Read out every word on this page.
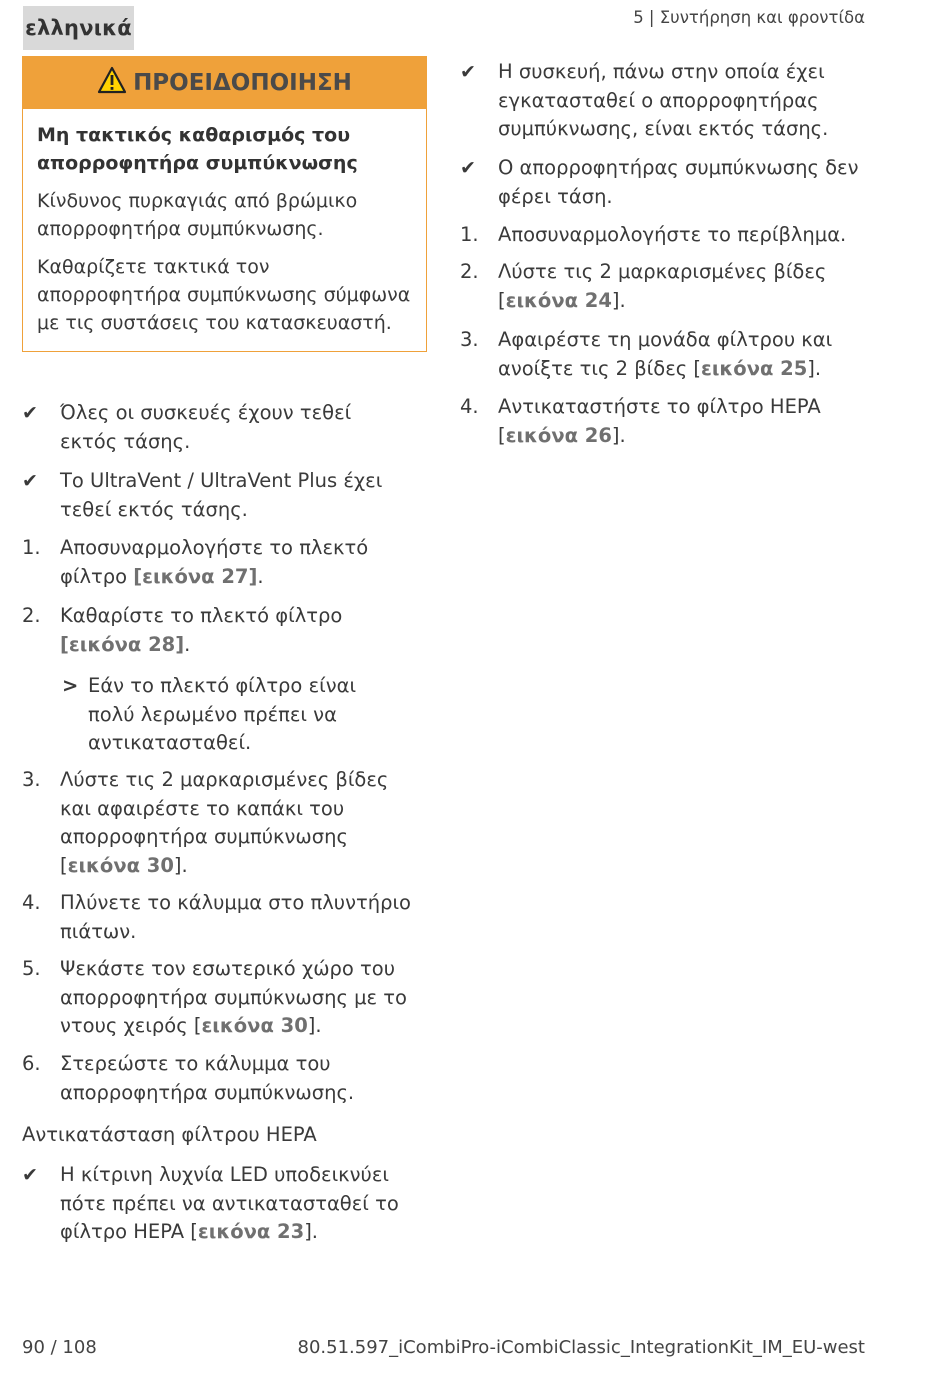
ελληνικά	5 | Συντήρηση και φροντίδα
ΠΡΟΕΙΔΟΠΟΙΗΣΗ

Μη τακτικός καθαρισμός του απορροφητήρα συμπύκνωσης

Κίνδυνος πυρκαγιάς από βρώμικο απορροφητήρα συμπύκνωσης.

Καθαρίζετε τακτικά τον απορροφητήρα συμπύκνωσης σύμφωνα με τις συστάσεις του κατασκευαστή.

✔	Όλες οι συσκευές έχουν τεθεί εκτός τάσης.
✔	Το UltraVent / UltraVent Plus έχει τεθεί εκτός τάσης.
1. Αποσυναρμολογήστε το πλεκτό φίλτρο [εικόνα 27].
2. Καθαρίστε το πλεκτό φίλτρο [εικόνα 28].
> Εάν το πλεκτό φίλτρο είναι πολύ λερωμένο πρέπει να αντικατασταθεί.
3. Λύστε τις 2 μαρκαρισμένες βίδες και αφαιρέστε το καπάκι του απορροφητήρα συμπύκνωσης [εικόνα 30].
4. Πλύνετε το κάλυμμα στο πλυντήριο πιάτων.
5. Ψεκάστε τον εσωτερικό χώρο του απορροφητήρα συμπύκνωσης με το ντους χειρός [εικόνα 30].
6. Στερεώστε το κάλυμμα του απορροφητήρα συμπύκνωσης.
Αντικατάσταση φίλτρου HEPA
✔	Η κίτρινη λυχνία LED υποδεικνύει πότε πρέπει να αντικατασταθεί το φίλτρο HEPA [εικόνα 23].
✔	Η συσκευή, πάνω στην οποία έχει εγκατασταθεί ο απορροφητήρας συμπύκνωσης, είναι εκτός τάσης.
✔	Ο απορροφητήρας συμπύκνωσης δεν φέρει τάση.
1. Αποσυναρμολογήστε το περίβλημα.
2. Λύστε τις 2 μαρκαρισμένες βίδες [εικόνα 24].
3. Αφαιρέστε τη μονάδα φίλτρου και ανοίξτε τις 2 βίδες [εικόνα 25].
4. Αντικαταστήστε το φίλτρο HEPA [εικόνα 26].
90 / 108	80.51.597_iCombiPro-iCombiClassic_IntegrationKit_IM_EU-west
